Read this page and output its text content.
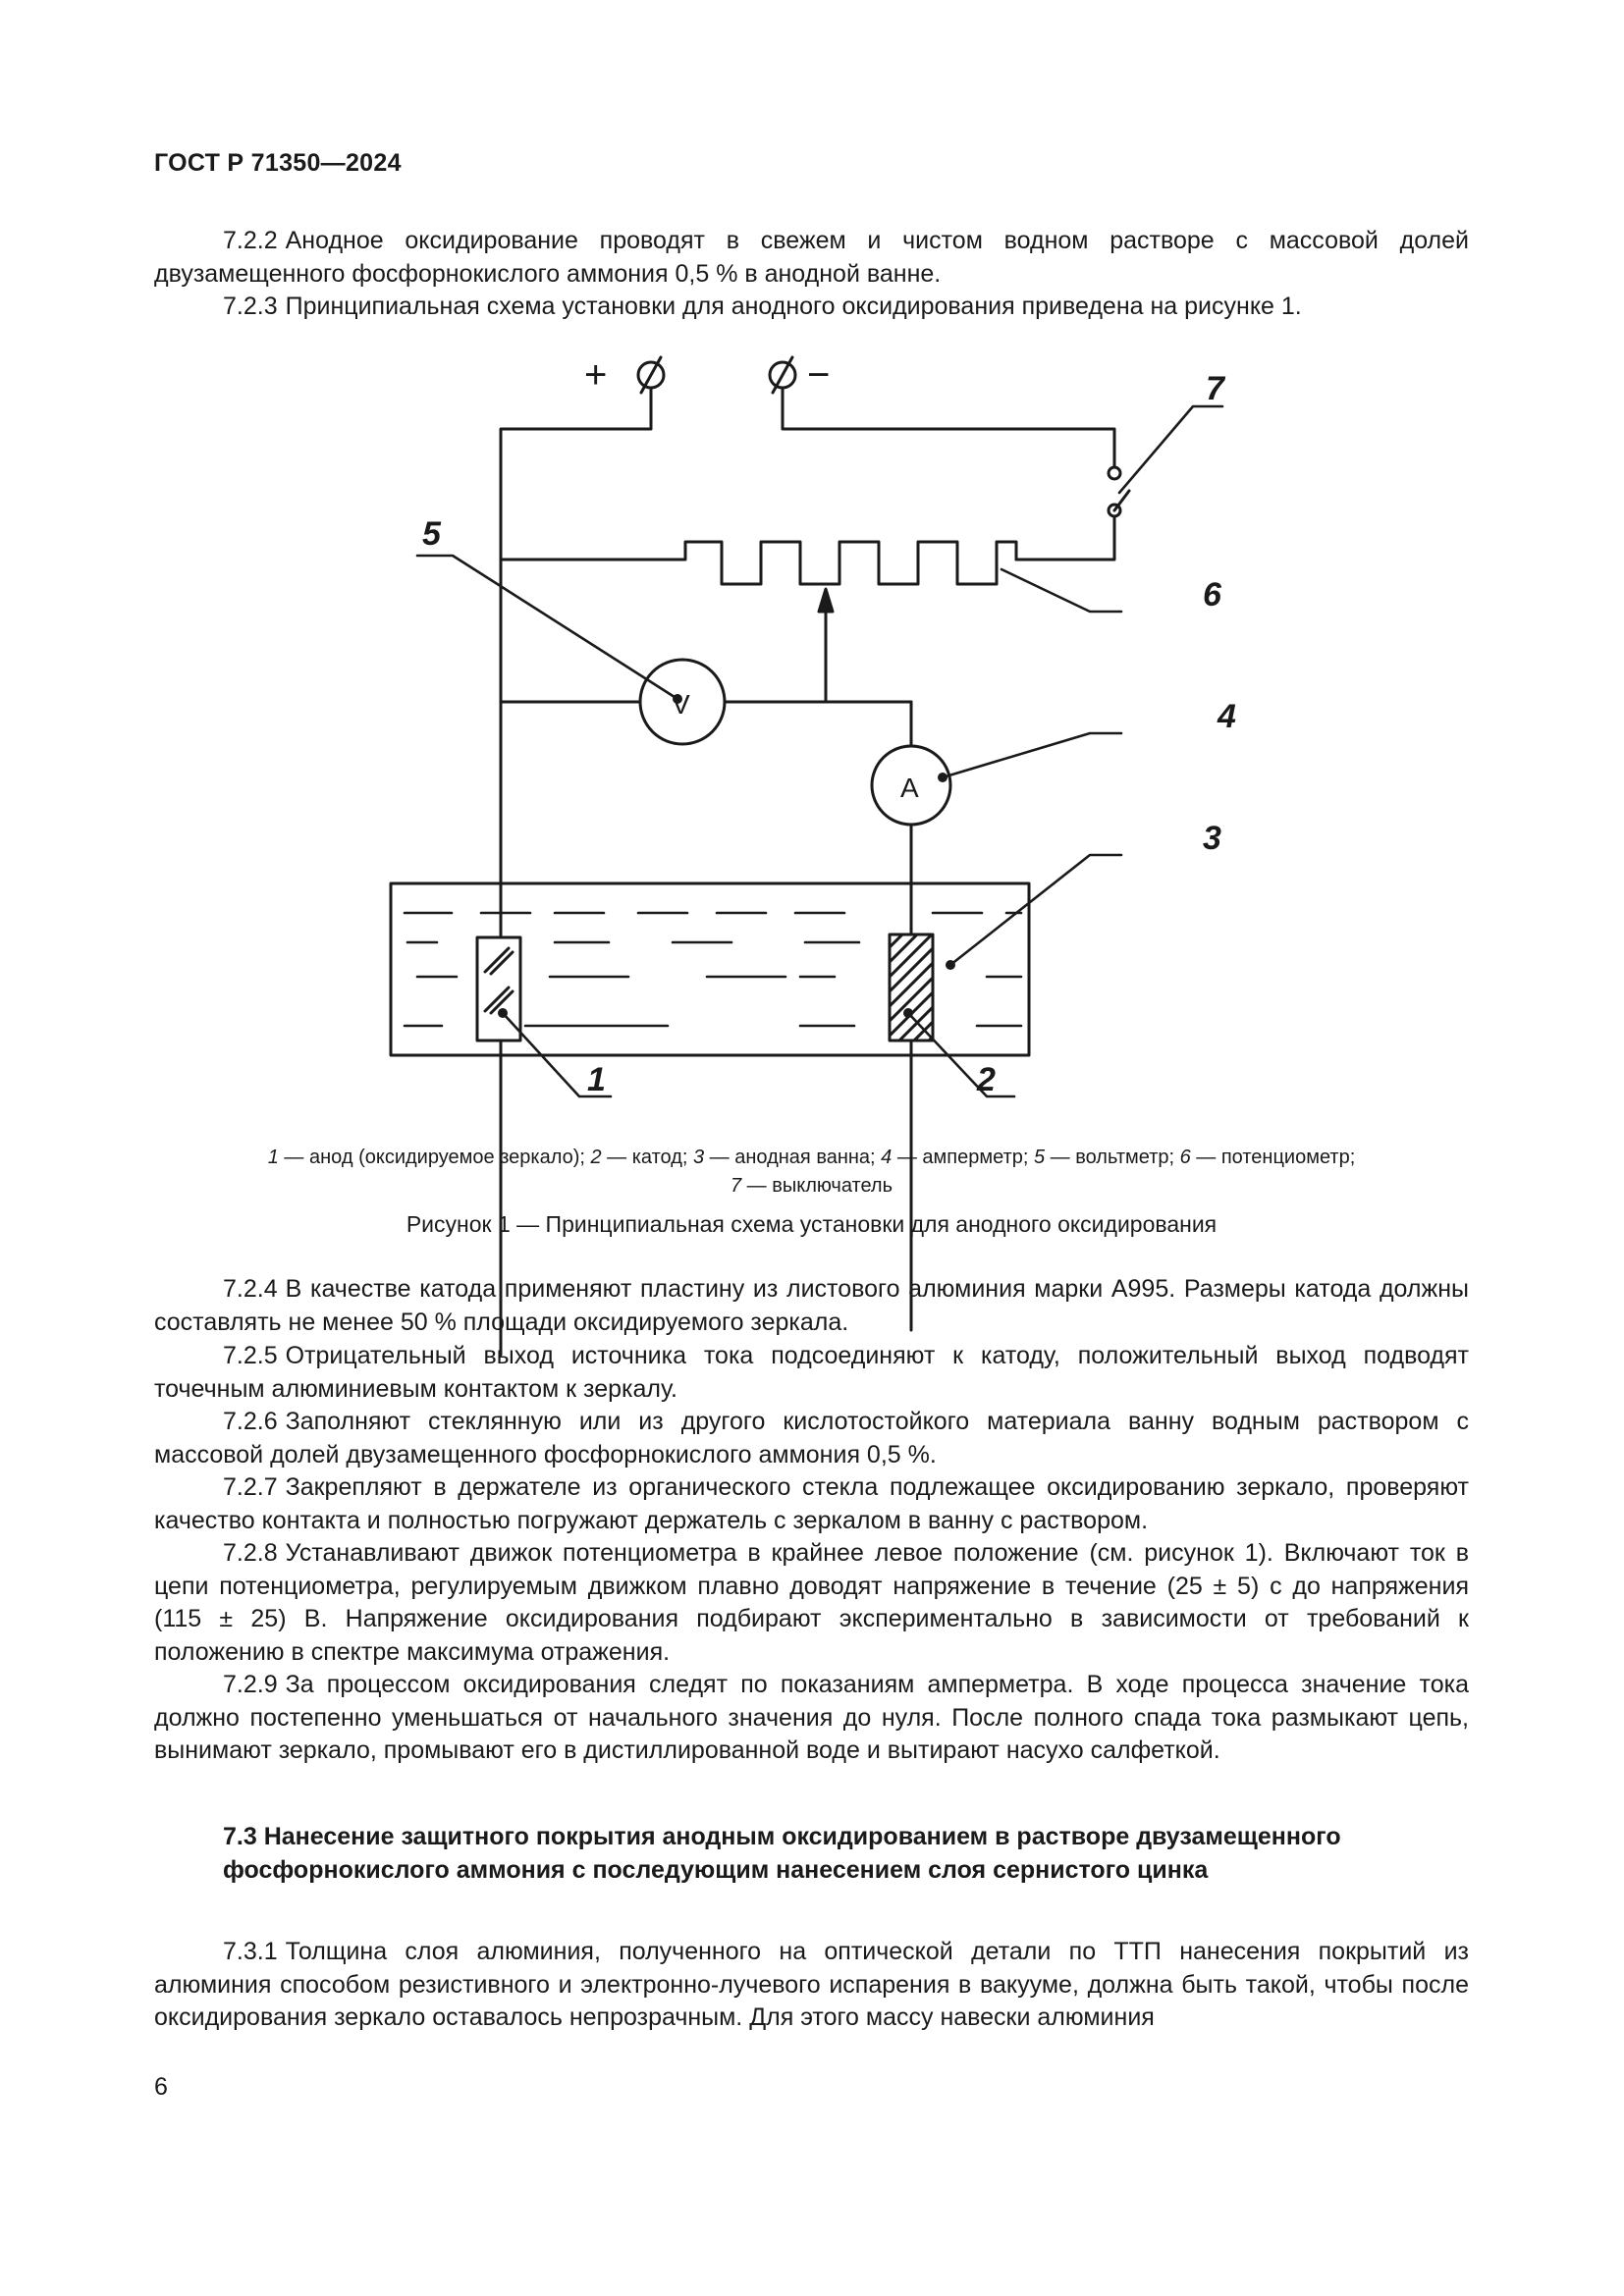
ГОСТ Р 71350—2024

7.2.2 Анодное оксидирование проводят в свежем и чистом водном растворе с массовой долей двузамещенного фосфорнокислого аммония 0,5 % в анодной ванне.

7.2.3 Принципиальная схема установки для анодного оксидирования приведена на рисунке 1.

+	−
V
A
1	2
3
4
5
6
7
1 — анод (оксидируемое зеркало); 2 — катод; 3 — анодная ванна; 4 — амперметр; 5 — вольтметр; 6 — потенциометр;
7 — выключатель
Рисунок 1 — Принципиальная схема установки для анодного оксидирования

7.2.4 В качестве катода применяют пластину из листового алюминия марки А995. Размеры катода должны составлять не менее 50 % площади оксидируемого зеркала.

7.2.5 Отрицательный выход источника тока подсоединяют к катоду, положительный выход подводят точечным алюминиевым контактом к зеркалу.

7.2.6 Заполняют стеклянную или из другого кислотостойкого материала ванну водным раствором с массовой долей двузамещенного фосфорнокислого аммония 0,5 %.

7.2.7 Закрепляют в держателе из органического стекла подлежащее оксидированию зеркало, проверяют качество контакта и полностью погружают держатель с зеркалом в ванну с раствором.

7.2.8 Устанавливают движок потенциометра в крайнее левое положение (см. рисунок 1). Включают ток в цепи потенциометра, регулируемым движком плавно доводят напряжение в течение (25 ± 5) с до напряжения (115 ± 25) В. Напряжение оксидирования подбирают экспериментально в зависимости от требований к положению в спектре максимума отражения.

7.2.9 За процессом оксидирования следят по показаниям амперметра. В ходе процесса значение тока должно постепенно уменьшаться от начального значения до нуля. После полного спада тока размыкают цепь, вынимают зеркало, промывают его в дистиллированной воде и вытирают насухо салфеткой.

7.3 Нанесение защитного покрытия анодным оксидированием в растворе двузамещенного фосфорнокислого аммония с последующим нанесением слоя сернистого цинка

7.3.1 Толщина слоя алюминия, полученного на оптической детали по ТТП нанесения покрытий из алюминия способом резистивного и электронно-лучевого испарения в вакууме, должна быть такой, чтобы после оксидирования зеркало оставалось непрозрачным. Для этого массу навески алюминия

6
